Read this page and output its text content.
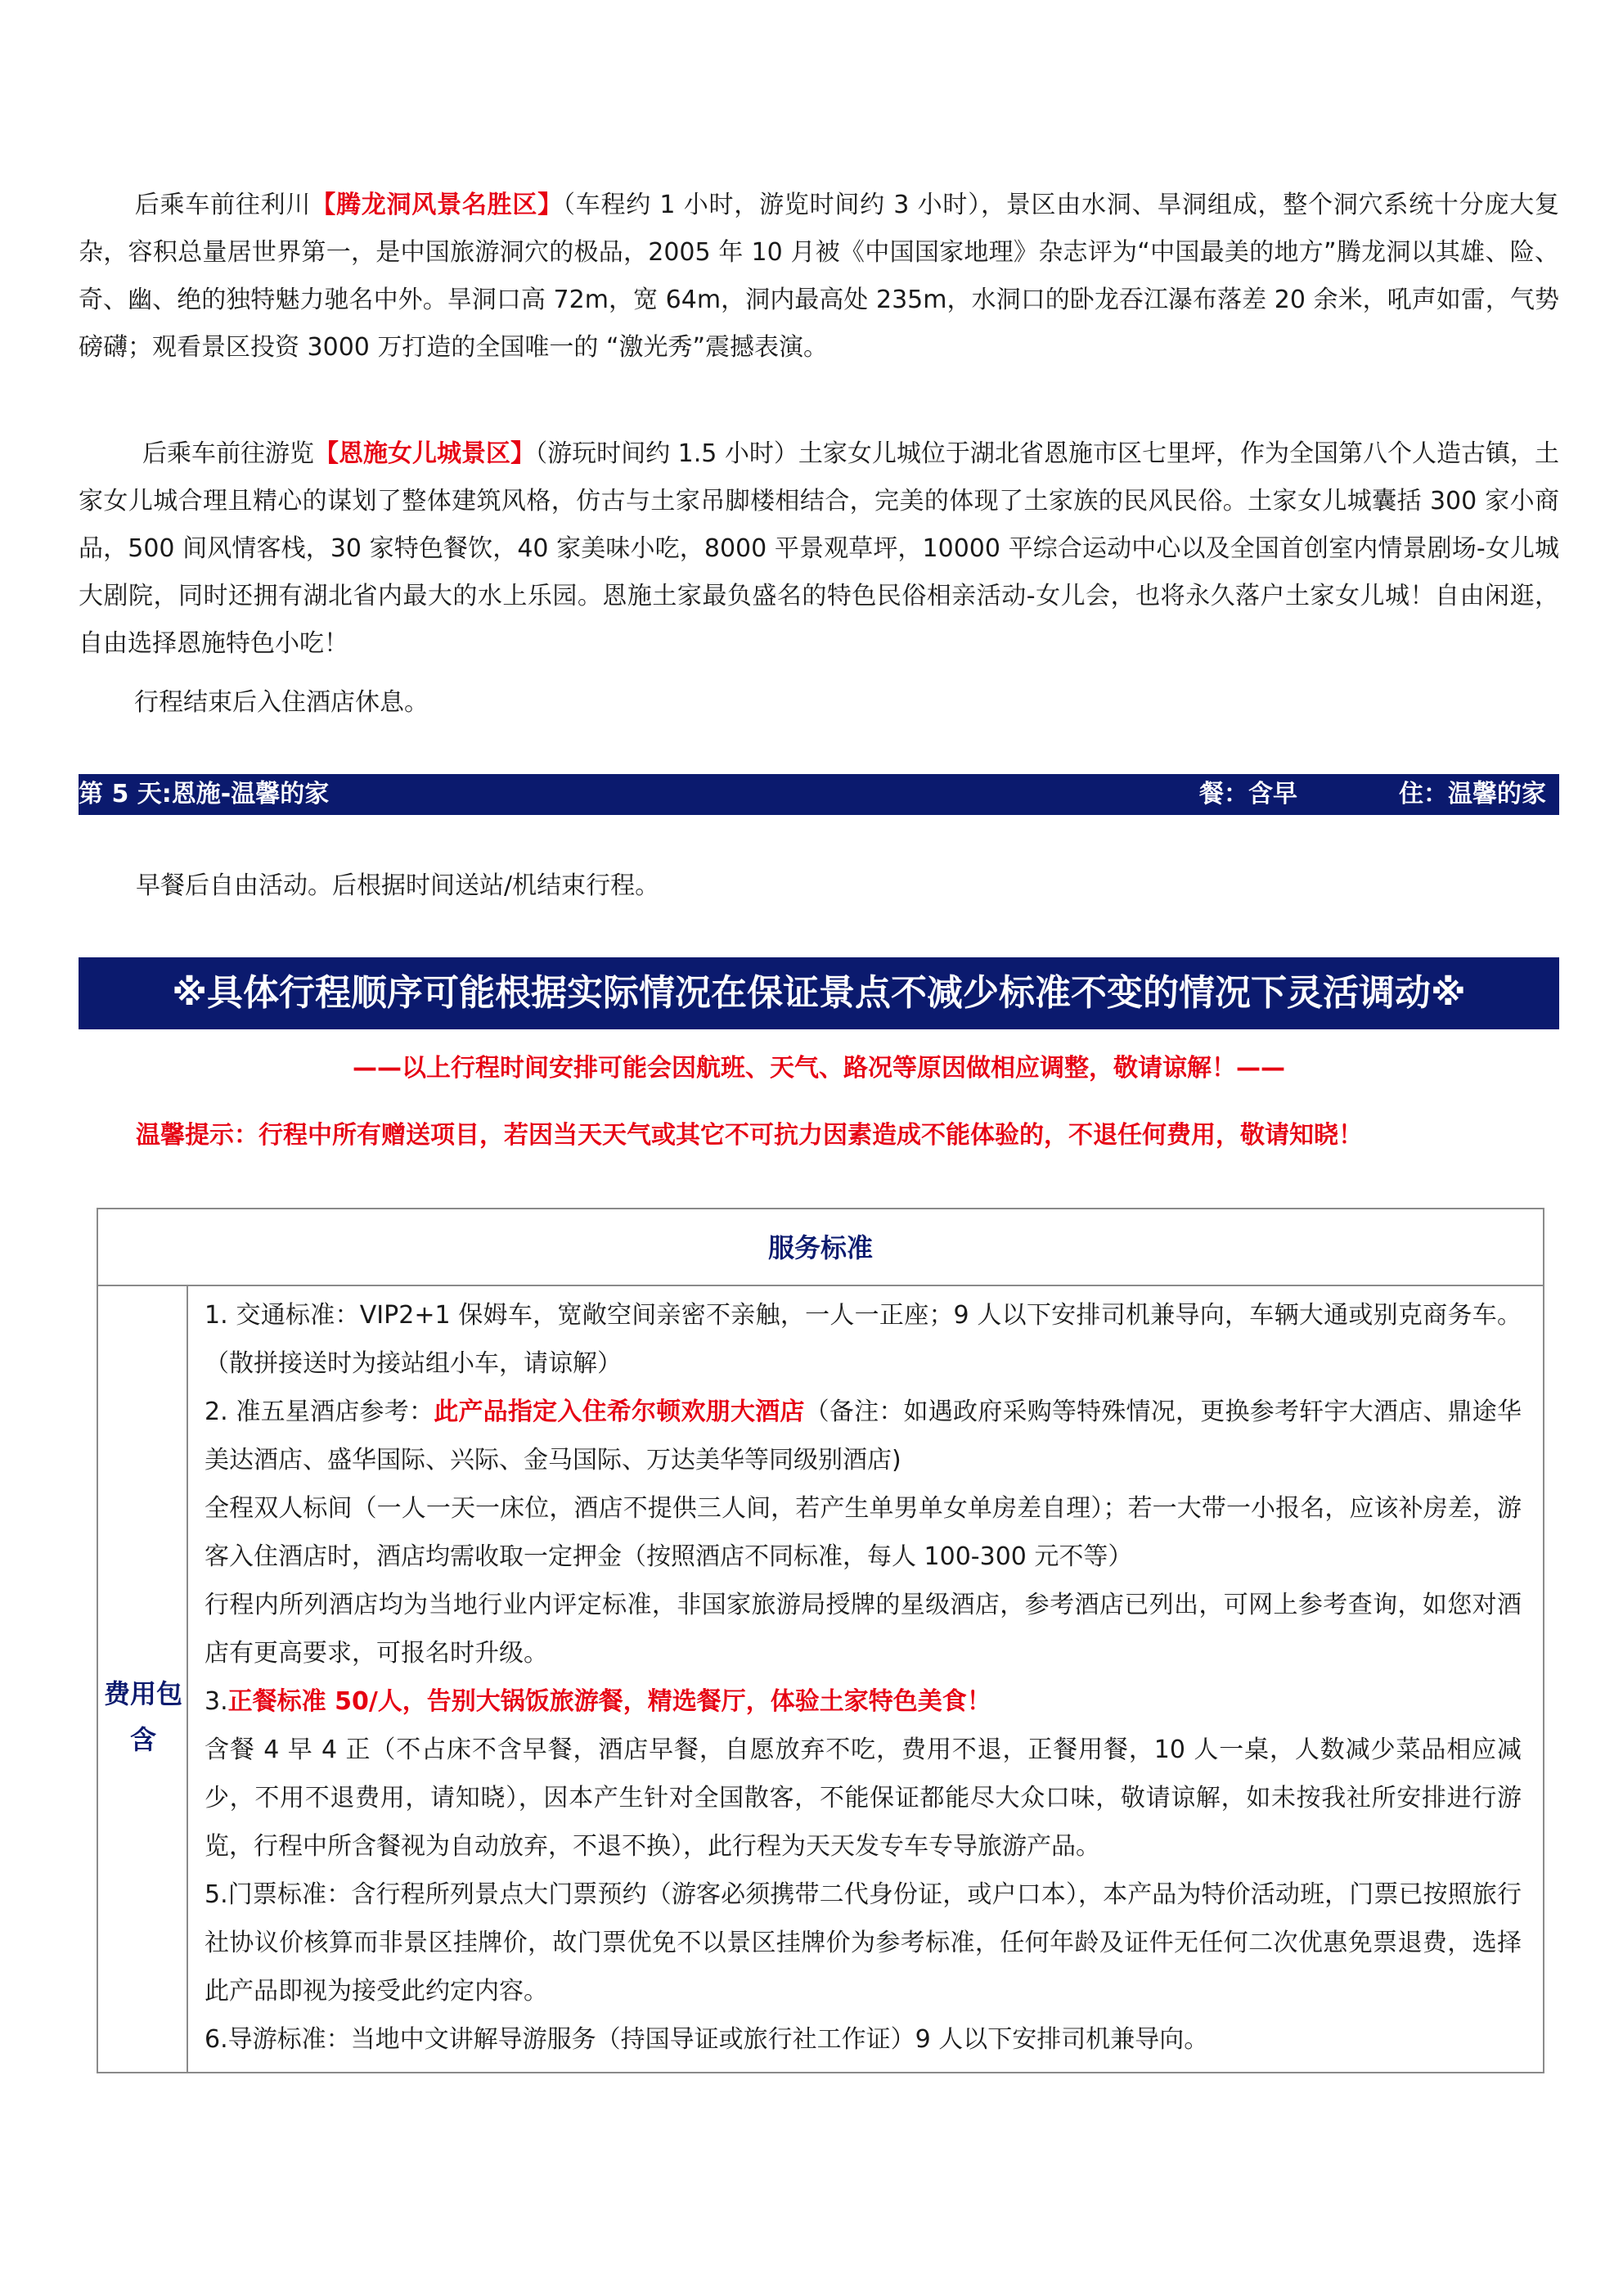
后乘车前往利川【腾龙洞风景名胜区】（车程约 1 小时，游览时间约 3 小时），景区由水洞、旱洞组成，整个洞穴系统十分庞大复杂，容积总量居世界第一，是中国旅游洞穴的极品，2005 年 10 月被《中国国家地理》杂志评为“中国最美的地方”腾龙洞以其雄、险、奇、幽、绝的独特魅力驰名中外。旱洞口高 72m，宽 64m，洞内最高处 235m，水洞口的卧龙吞江瀑布落差 20 余米，吼声如雷，气势磅礴；观看景区投资 3000 万打造的全国唯一的 “激光秀”震撼表演。
后乘车前往游览【恩施女儿城景区】（游玩时间约 1.5 小时）土家女儿城位于湖北省恩施市区七里坪，作为全国第八个人造古镇，土家女儿城合理且精心的谋划了整体建筑风格，仿古与土家吊脚楼相结合，完美的体现了土家族的民风民俗。土家女儿城囊括 300 家小商品，500 间风情客栈，30 家特色餐饮，40 家美味小吃，8000 平景观草坪，10000 平综合运动中心以及全国首创室内情景剧场-女儿城大剧院，同时还拥有湖北省内最大的水上乐园。恩施土家最负盛名的特色民俗相亲活动-女儿会，也将永久落户土家女儿城！自由闲逛，自由选择恩施特色小吃！
行程结束后入住酒店休息。
第 5 天:恩施-温馨的家	餐：含早	住：温馨的家
早餐后自由活动。后根据时间送站/机结束行程。
※具体行程顺序可能根据实际情况在保证景点不减少标准不变的情况下灵活调动※
——以上行程时间安排可能会因航班、天气、路况等原因做相应调整，敬请谅解！——
温馨提示：行程中所有赠送项目，若因当天天气或其它不可抗力因素造成不能体验的，不退任何费用，敬请知晓！
服务标准
费用包含

1. 交通标准：VIP2+1 保姆车，宽敞空间亲密不亲触，一人一正座；9 人以下安排司机兼导向，车辆大通或别克商务车。（散拼接送时为接站组小车，请谅解）

2. 准五星酒店参考：此产品指定入住希尔顿欢朋大酒店（备注：如遇政府采购等特殊情况，更换参考轩宇大酒店、鼎途华美达酒店、盛华国际、兴际、金马国际、万达美华等同级别酒店)

全程双人标间（一人一天一床位，酒店不提供三人间，若产生单男单女单房差自理）；若一大带一小报名，应该补房差，游客入住酒店时，酒店均需收取一定押金（按照酒店不同标准，每人 100-300 元不等）

行程内所列酒店均为当地行业内评定标准，非国家旅游局授牌的星级酒店，参考酒店已列出，可网上参考查询，如您对酒店有更高要求，可报名时升级。

3.正餐标准 50/人，告别大锅饭旅游餐，精选餐厅，体验土家特色美食！

含餐 4 早 4 正（不占床不含早餐，酒店早餐，自愿放弃不吃，费用不退，正餐用餐，10 人一桌，人数减少菜品相应减少，不用不退费用，请知晓），因本产生针对全国散客，不能保证都能尽大众口味，敬请谅解，如未按我社所安排进行游览，行程中所含餐视为自动放弃，不退不换），此行程为天天发专车专导旅游产品。

5.门票标准：含行程所列景点大门票预约（游客必须携带二代身份证，或户口本），本产品为特价活动班，门票已按照旅行社协议价核算而非景区挂牌价，故门票优免不以景区挂牌价为参考标准，任何年龄及证件无任何二次优惠免票退费，选择此产品即视为接受此约定内容。

6.导游标准：当地中文讲解导游服务（持国导证或旅行社工作证）9 人以下安排司机兼导向。
